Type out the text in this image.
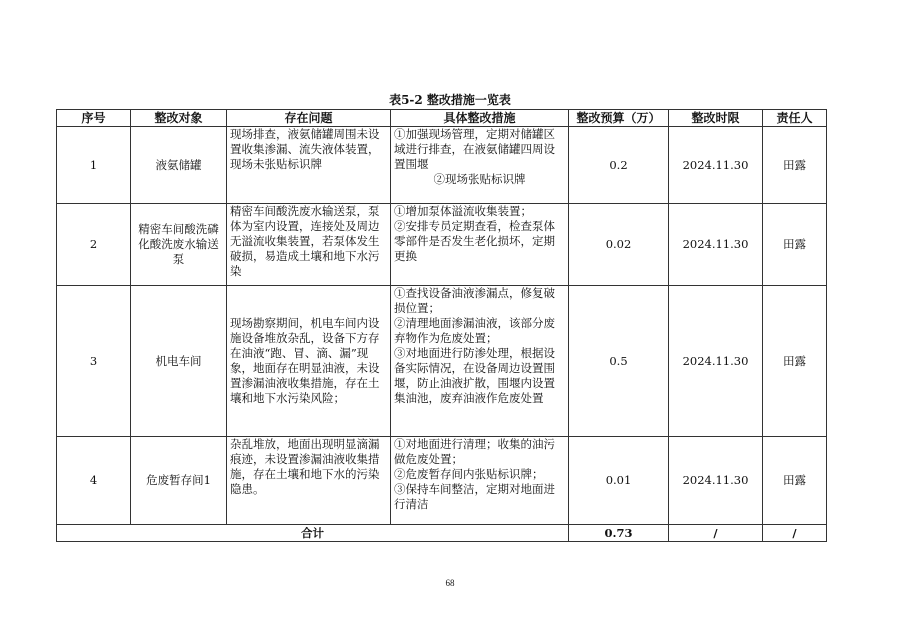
表5-2 整改措施一览表
序号	整改对象	存在问题	具体整改措施	整改预算（万）	整改时限	责任人
1	液氨储罐	现场排查，液氨储罐周围未设置收集渗漏、流失液体装置，现场未张贴标识牌	①加强现场管理，定期对储罐区域进行排查，在液氨储罐四周设置围堰
②现场张贴标识牌	0.2	2024.11.30	田露
2	精密车间酸洗磷化酸洗废水输送泵	精密车间酸洗废水输送泵，泵体为室内设置，连接处及周边无溢流收集装置，若泵体发生破损，易造成土壤和地下水污染	①增加泵体溢流收集装置；
②安排专员定期查看，检查泵体零部件是否发生老化损坏，定期更换	0.02	2024.11.30	田露
3	机电车间	现场勘察期间，机电车间内设施设备堆放杂乱，设备下方存在油液“跑、冒、滴、漏”现象，地面存在明显油液，未设置渗漏油液收集措施，存在土壤和地下水污染风险；	①查找设备油液渗漏点，修复破损位置；
②清理地面渗漏油液，该部分废弃物作为危废处置；
③对地面进行防渗处理，根据设备实际情况，在设备周边设置围堰，防止油液扩散，围堰内设置集油池，废弃油液作危废处置	0.5	2024.11.30	田露
4	危废暂存间1	杂乱堆放，地面出现明显滴漏痕迹，未设置渗漏油液收集措施，存在土壤和地下水的污染隐患。	①对地面进行清理；收集的油污做危废处置；
②危废暂存间内张贴标识牌；
③保持车间整洁，定期对地面进行清洁	0.01	2024.11.30	田露
合计				0.73	/	/
68
